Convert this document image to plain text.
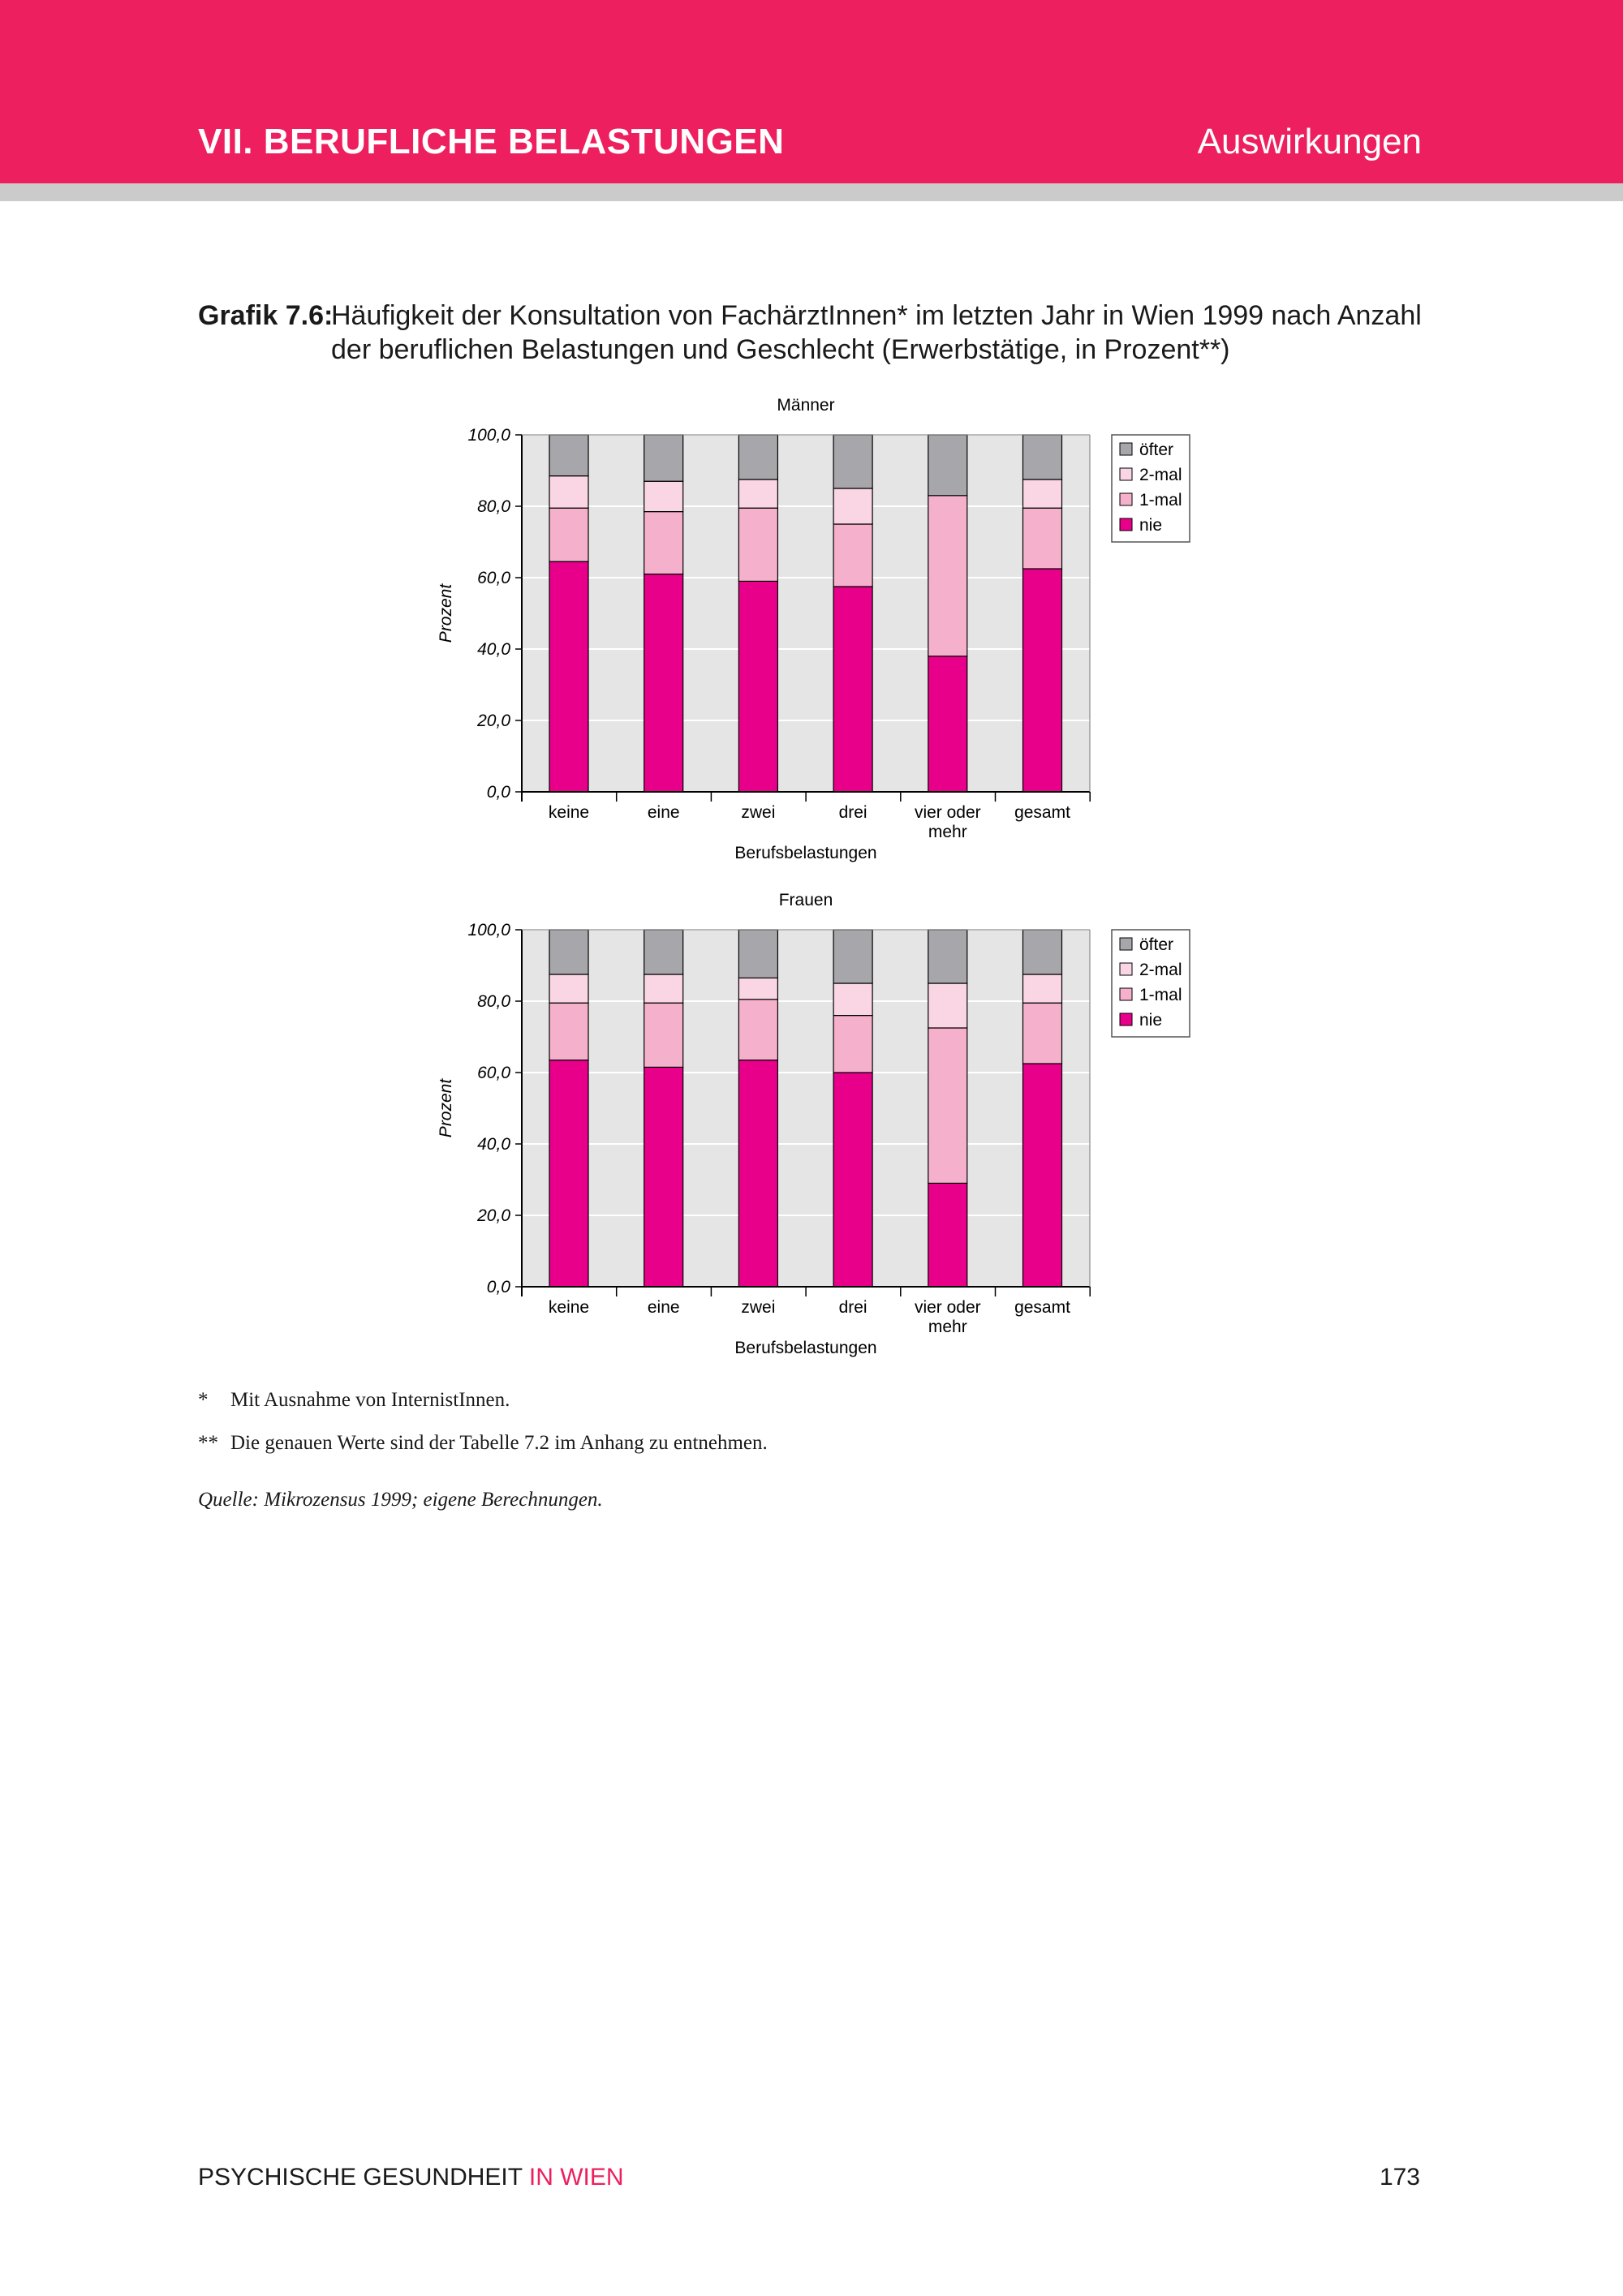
VII. BERUFLICHE BELASTUNGEN	Auswirkungen
Grafik 7.6:
Häufigkeit der Konsultation von FachärztInnen* im letzten Jahr in Wien 1999 nach Anzahl der beruflichen Belastungen und Geschlecht (Erwerbstätige, in Prozent**)
Männer
0,0
20,0
40,0
60,0
80,0
100,0
keine	eine	zwei	drei	vier oder mehr
gesamt
Berufsbelastungen
Prozent
öfter
2-mal
1-mal
nie
Frauen
0,0
20,0
40,0
60,0
80,0
100,0
keine	eine	zwei	drei	vier oder mehr
gesamt
Berufsbelastungen
Prozent
öfter
2-mal
1-mal
nie
* Mit Ausnahme von InternistInnen.
** Die genauen Werte sind der Tabelle 7.2 im Anhang zu entnehmen.
Quelle: Mikrozensus 1999; eigene Berechnungen.
PSYCHISCHE GESUNDHEIT IN WIEN	173
